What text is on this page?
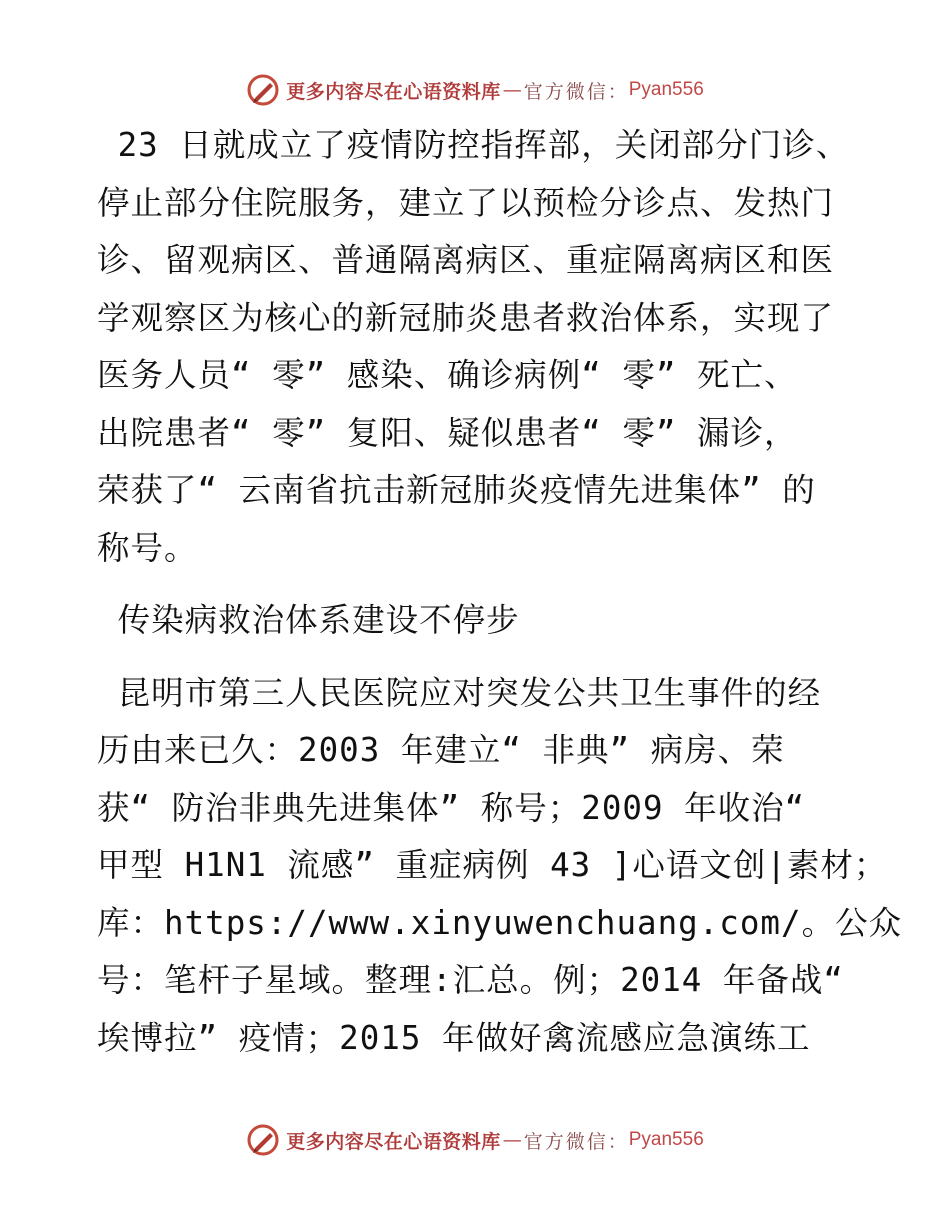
更多内容尽在心语资料库 — 官方微信： Pyan556
23 日就成立了疫情防控指挥部，关闭部分门诊、
停止部分住院服务，建立了以预检分诊点、发热门
诊、留观病区、普通隔离病区、重症隔离病区和医
学观察区为核心的新冠肺炎患者救治体系，实现了
医务人员“ 零” 感染、确诊病例“ 零” 死亡、
出院患者“ 零” 复阳、疑似患者“ 零” 漏诊，
荣获了“ 云南省抗击新冠肺炎疫情先进集体” 的
称号。
传染病救治体系建设不停步
昆明市第三人民医院应对突发公共卫生事件的经
历由来已久：2003 年建立“ 非典” 病房、荣
获“ 防治非典先进集体” 称号；2009 年收治“
甲型 H1N1 流感” 重症病例 43 ]心语文创|素材；
库：https://www.xinyuwenchuang.com/。公众
号：笔杆子星域。整理:汇总。例；2014 年备战“
埃博拉” 疫情；2015 年做好禽流感应急演练工
更多内容尽在心语资料库 — 官方微信： Pyan556
